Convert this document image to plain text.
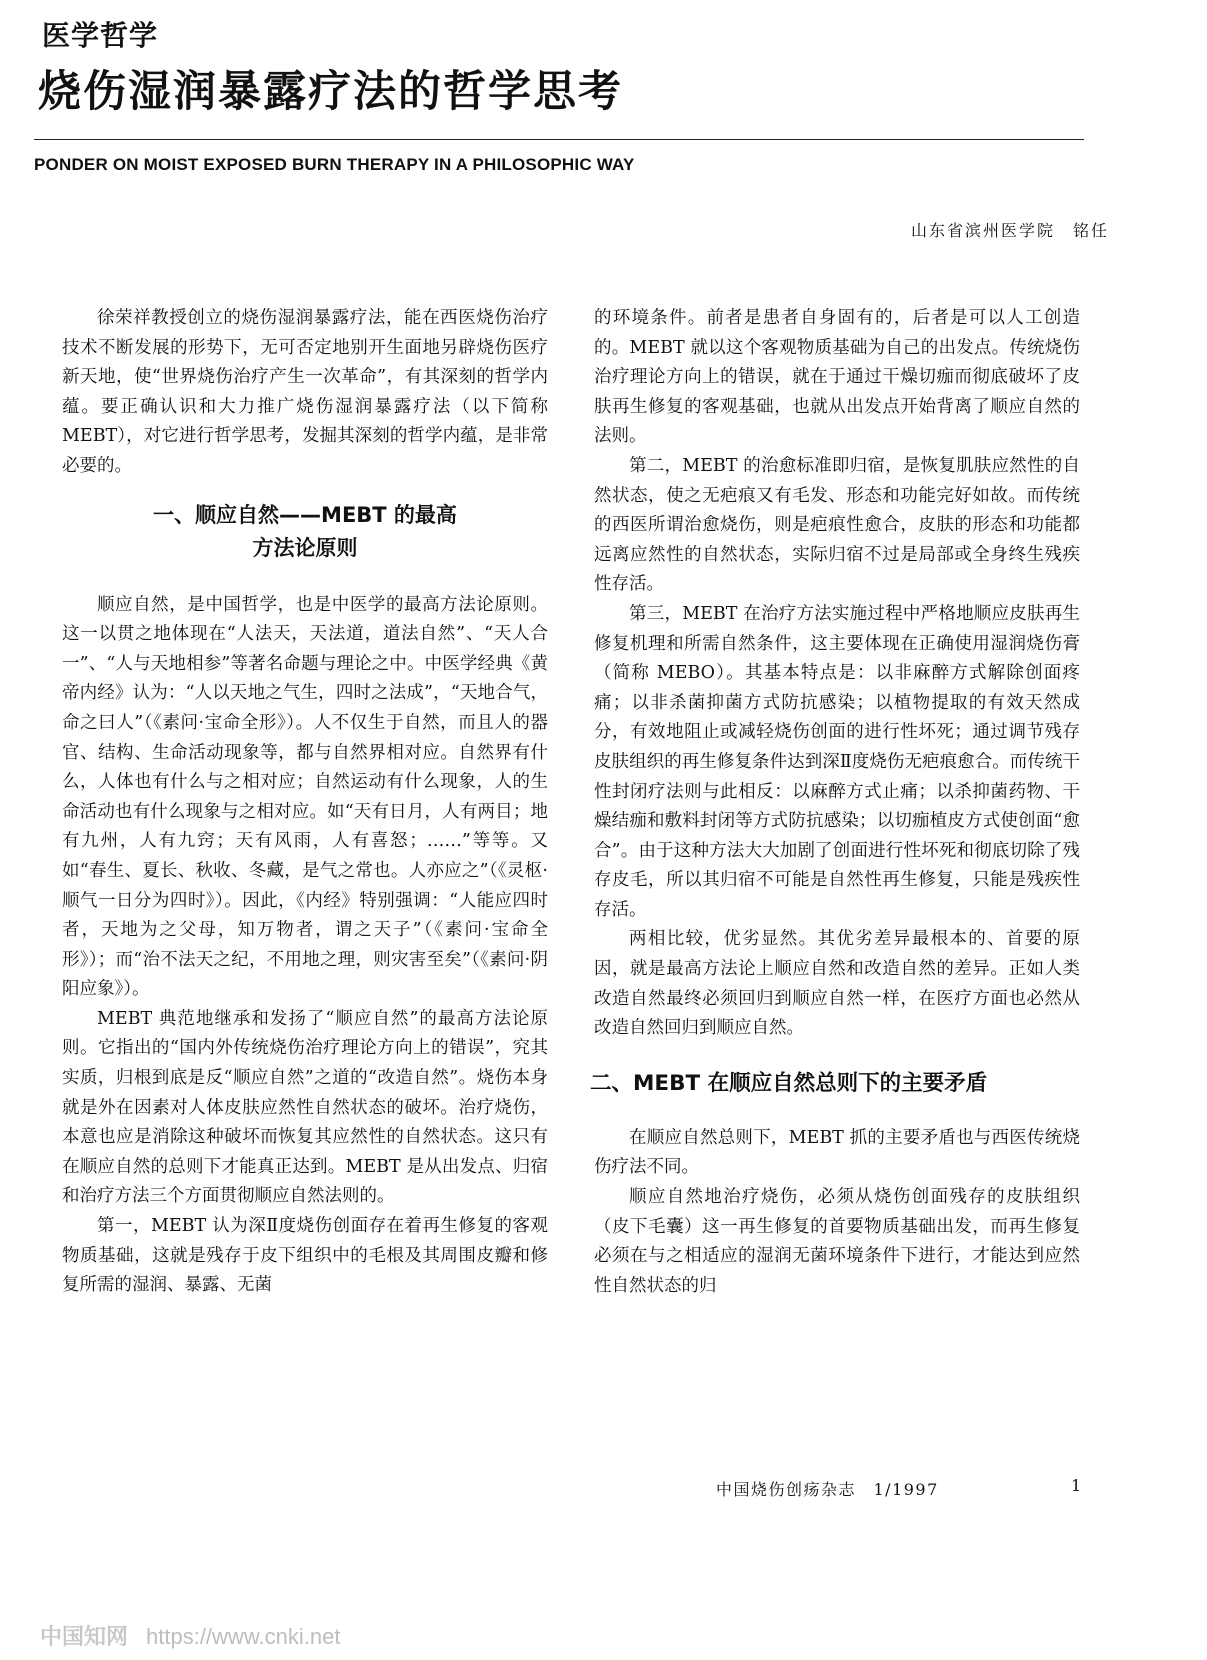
医学哲学
烧伤湿润暴露疗法的哲学思考
PONDER ON MOIST EXPOSED BURN THERAPY IN A PHILOSOPHIC WAY
山东省滨州医学院　铭任

徐荣祥教授创立的烧伤湿润暴露疗法，能在西医烧伤治疗技术不断发展的形势下，无可否定地别开生面地另辟烧伤医疗新天地，使“世界烧伤治疗产生一次革命”，有其深刻的哲学内蕴。要正确认识和大力推广烧伤湿润暴露疗法（以下简称 MEBT），对它进行哲学思考，发掘其深刻的哲学内蕴，是非常必要的。

一、顺应自然——MEBT 的最高
方法论原则

顺应自然，是中国哲学，也是中医学的最高方法论原则。这一以贯之地体现在“人法天，天法道，道法自然”、“天人合一”、“人与天地相参”等著名命题与理论之中。中医学经典《黄帝内经》认为：“人以天地之气生，四时之法成”，“天地合气，命之曰人”（《素问·宝命全形》）。人不仅生于自然，而且人的器官、结构、生命活动现象等，都与自然界相对应。自然界有什么，人体也有什么与之相对应；自然运动有什么现象，人的生命活动也有什么现象与之相对应。如“天有日月，人有两目；地有九州，人有九窍；天有风雨，人有喜怒；……”等等。又如“春生、夏长、秋收、冬藏，是气之常也。人亦应之”（《灵枢·顺气一日分为四时》）。因此，《内经》特别强调：“人能应四时者，天地为之父母，知万物者，谓之天子”（《素问·宝命全形》）；而“治不法天之纪，不用地之理，则灾害至矣”（《素问·阴阳应象》）。

MEBT 典范地继承和发扬了“顺应自然”的最高方法论原则。它指出的“国内外传统烧伤治疗理论方向上的错误”，究其实质，归根到底是反“顺应自然”之道的“改造自然”。烧伤本身就是外在因素对人体皮肤应然性自然状态的破坏。治疗烧伤，本意也应是消除这种破坏而恢复其应然性的自然状态。这只有在顺应自然的总则下才能真正达到。MEBT 是从出发点、归宿和治疗方法三个方面贯彻顺应自然法则的。

第一，MEBT 认为深Ⅱ度烧伤创面存在着再生修复的客观物质基础，这就是残存于皮下组织中的毛根及其周围皮瓣和修复所需的湿润、暴露、无菌

的环境条件。前者是患者自身固有的，后者是可以人工创造的。MEBT 就以这个客观物质基础为自己的出发点。传统烧伤治疗理论方向上的错误，就在于通过干燥切痂而彻底破坏了皮肤再生修复的客观基础，也就从出发点开始背离了顺应自然的法则。

第二，MEBT 的治愈标准即归宿，是恢复肌肤应然性的自然状态，使之无疤痕又有毛发、形态和功能完好如故。而传统的西医所谓治愈烧伤，则是疤痕性愈合，皮肤的形态和功能都远离应然性的自然状态，实际归宿不过是局部或全身终生残疾性存活。

第三，MEBT 在治疗方法实施过程中严格地顺应皮肤再生修复机理和所需自然条件，这主要体现在正确使用湿润烧伤膏（简称 MEBO）。其基本特点是：以非麻醉方式解除创面疼痛；以非杀菌抑菌方式防抗感染；以植物提取的有效天然成分，有效地阻止或减轻烧伤创面的进行性坏死；通过调节残存皮肤组织的再生修复条件达到深Ⅱ度烧伤无疤痕愈合。而传统干性封闭疗法则与此相反：以麻醉方式止痛；以杀抑菌药物、干燥结痂和敷料封闭等方式防抗感染；以切痂植皮方式使创面“愈合”。由于这种方法大大加剧了创面进行性坏死和彻底切除了残存皮毛，所以其归宿不可能是自然性再生修复，只能是残疾性存活。

两相比较，优劣显然。其优劣差异最根本的、首要的原因，就是最高方法论上顺应自然和改造自然的差异。正如人类改造自然最终必须回归到顺应自然一样，在医疗方面也必然从改造自然回归到顺应自然。

二、MEBT 在顺应自然总则下的主要矛盾

在顺应自然总则下，MEBT 抓的主要矛盾也与西医传统烧伤疗法不同。

顺应自然地治疗烧伤，必须从烧伤创面残存的皮肤组织（皮下毛囊）这一再生修复的首要物质基础出发，而再生修复必须在与之相适应的湿润无菌环境条件下进行，才能达到应然性自然状态的归

中国烧伤创疡杂志　1/1997	1
中国知网 https://www.cnki.net
